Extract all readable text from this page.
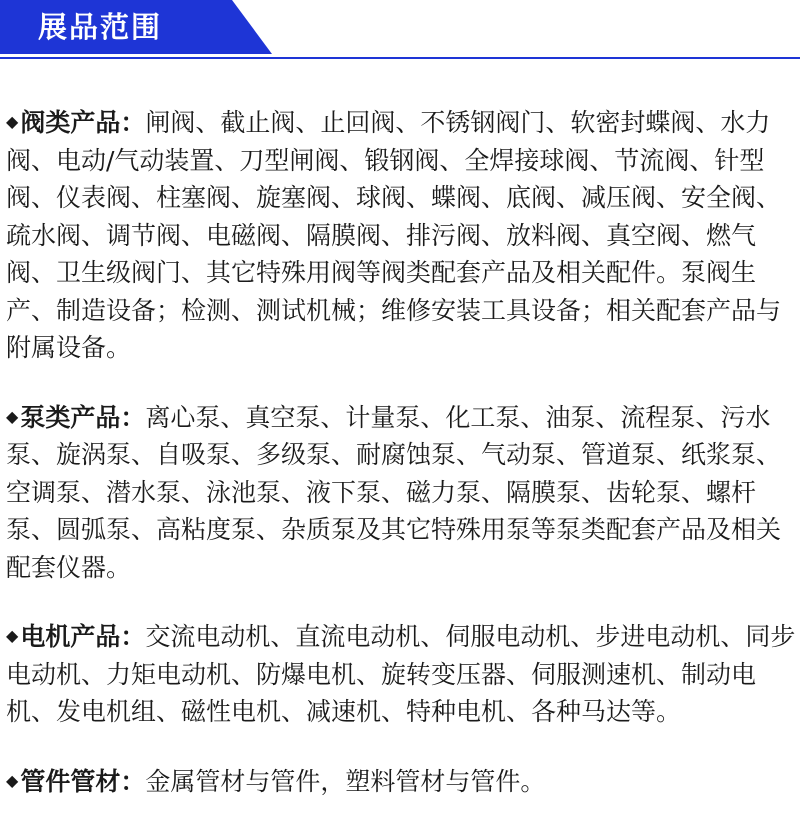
展品范围
◆阀类产品：闸阀、截止阀、止回阀、不锈钢阀门、软密封蝶阀、水力阀、电动/气动装置、刀型闸阀、锻钢阀、全焊接球阀、节流阀、针型阀、仪表阀、柱塞阀、旋塞阀、球阀、蝶阀、底阀、减压阀、安全阀、疏水阀、调节阀、电磁阀、隔膜阀、排污阀、放料阀、真空阀、燃气阀、卫生级阀门、其它特殊用阀等阀类配套产品及相关配件。泵阀生产、制造设备；检测、测试机械；维修安装工具设备；相关配套产品与附属设备。
◆泵类产品：离心泵、真空泵、计量泵、化工泵、油泵、流程泵、污水泵、旋涡泵、自吸泵、多级泵、耐腐蚀泵、气动泵、管道泵、纸浆泵、空调泵、潜水泵、泳池泵、液下泵、磁力泵、隔膜泵、齿轮泵、螺杆泵、圆弧泵、高粘度泵、杂质泵及其它特殊用泵等泵类配套产品及相关配套仪器。
◆电机产品：交流电动机、直流电动机、伺服电动机、步进电动机、同步电动机、力矩电动机、防爆电机、旋转变压器、伺服测速机、制动电机、发电机组、磁性电机、减速机、特种电机、各种马达等。
◆管件管材：金属管材与管件，塑料管材与管件。
